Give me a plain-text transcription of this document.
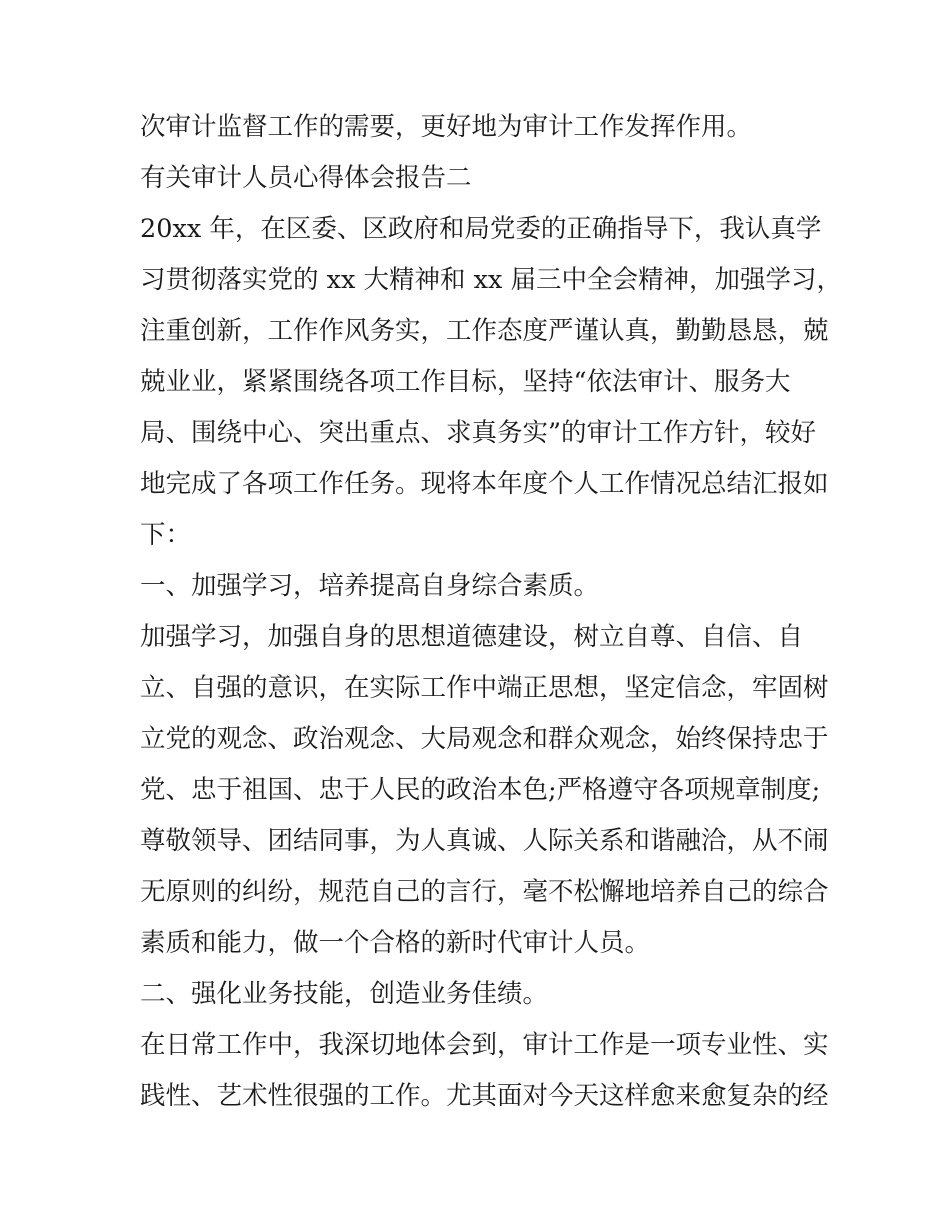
次审计监督工作的需要，更好地为审计工作发挥作用。
有关审计人员心得体会报告二
20xx 年，在区委、区政府和局党委的正确指导下，我认真学
习贯彻落实党的 xx 大精神和 xx 届三中全会精神，加强学习，
注重创新，工作作风务实，工作态度严谨认真，勤勤恳恳，兢
兢业业，紧紧围绕各项工作目标，坚持“依法审计、服务大
局、围绕中心、突出重点、求真务实”的审计工作方针，较好
地完成了各项工作任务。现将本年度个人工作情况总结汇报如
下：
一、加强学习，培养提高自身综合素质。
加强学习，加强自身的思想道德建设，树立自尊、自信、自
立、自强的意识，在实际工作中端正思想，坚定信念，牢固树
立党的观念、政治观念、大局观念和群众观念，始终保持忠于
党、忠于祖国、忠于人民的政治本色;严格遵守各项规章制度;
尊敬领导、团结同事，为人真诚、人际关系和谐融洽，从不闹
无原则的纠纷，规范自己的言行，毫不松懈地培养自己的综合
素质和能力，做一个合格的新时代审计人员。
二、强化业务技能，创造业务佳绩。
在日常工作中，我深切地体会到，审计工作是一项专业性、实
践性、艺术性很强的工作。尤其面对今天这样愈来愈复杂的经
